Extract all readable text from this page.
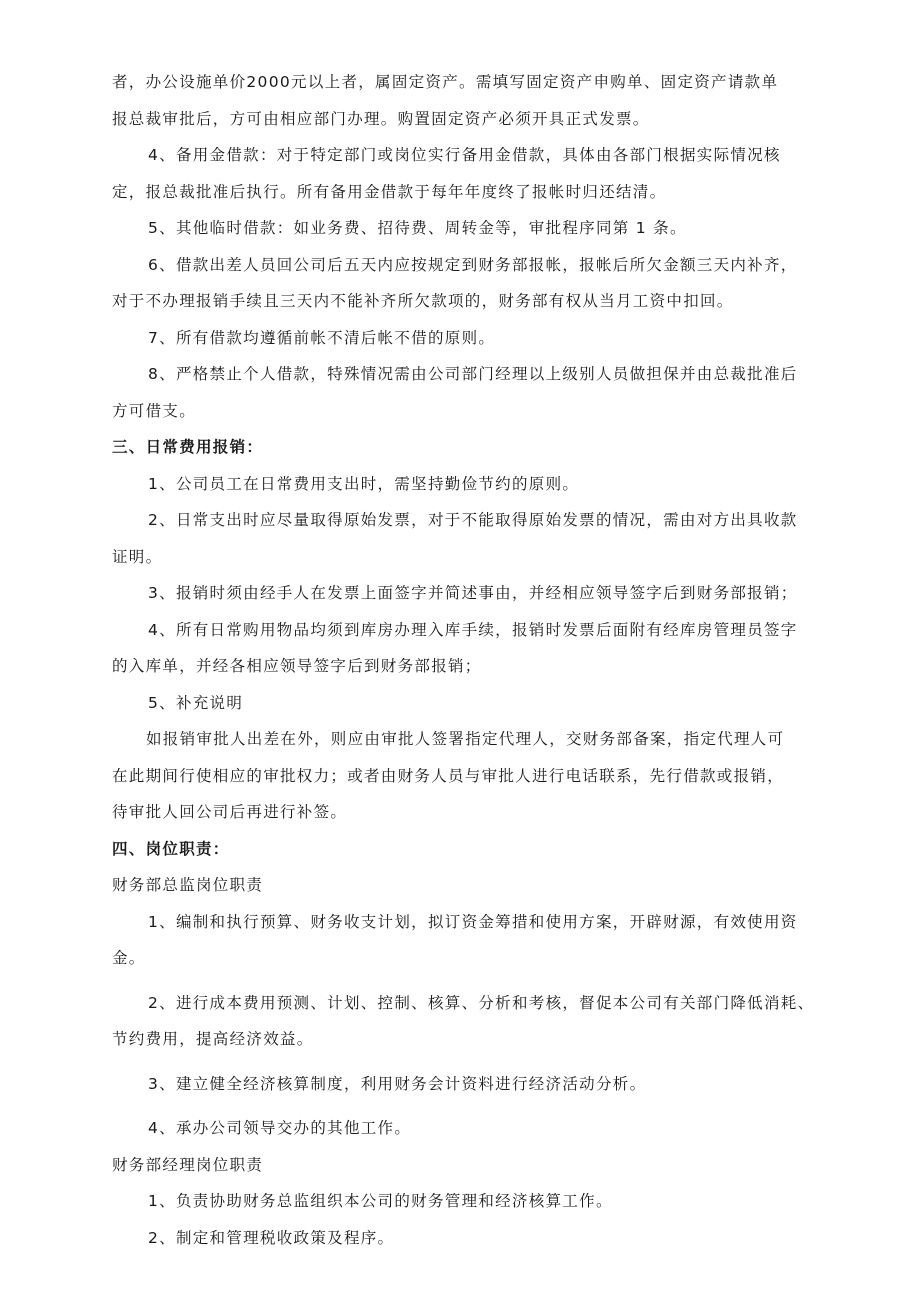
者，办公设施单价2000元以上者，属固定资产。需填写固定资产申购单、固定资产请款单
报总裁审批后，方可由相应部门办理。购置固定资产必须开具正式发票。
4、备用金借款：对于特定部门或岗位实行备用金借款，具体由各部门根据实际情况核
定，报总裁批准后执行。所有备用金借款于每年年度终了报帐时归还结清。
5、其他临时借款：如业务费、招待费、周转金等，审批程序同第 1 条。
6、借款出差人员回公司后五天内应按规定到财务部报帐，报帐后所欠金额三天内补齐，
对于不办理报销手续且三天内不能补齐所欠款项的，财务部有权从当月工资中扣回。
7、所有借款均遵循前帐不清后帐不借的原则。
8、严格禁止个人借款，特殊情况需由公司部门经理以上级别人员做担保并由总裁批准后
方可借支。
三、日常费用报销：
1、公司员工在日常费用支出时，需坚持勤俭节约的原则。
2、日常支出时应尽量取得原始发票，对于不能取得原始发票的情况，需由对方出具收款
证明。
3、报销时须由经手人在发票上面签字并简述事由，并经相应领导签字后到财务部报销；
4、所有日常购用物品均须到库房办理入库手续，报销时发票后面附有经库房管理员签字
的入库单，并经各相应领导签字后到财务部报销；
5、补充说明
如报销审批人出差在外，则应由审批人签署指定代理人，交财务部备案，指定代理人可
在此期间行使相应的审批权力；或者由财务人员与审批人进行电话联系，先行借款或报销，
待审批人回公司后再进行补签。
四、岗位职责：
财务部总监岗位职责
1、编制和执行预算、财务收支计划，拟订资金筹措和使用方案，开辟财源，有效使用资
金。
2、进行成本费用预测、计划、控制、核算、分析和考核，督促本公司有关部门降低消耗、
节约费用，提高经济效益。
3、建立健全经济核算制度，利用财务会计资料进行经济活动分析。
4、承办公司领导交办的其他工作。
财务部经理岗位职责
1、负责协助财务总监组织本公司的财务管理和经济核算工作。
2、制定和管理税收政策及程序。
